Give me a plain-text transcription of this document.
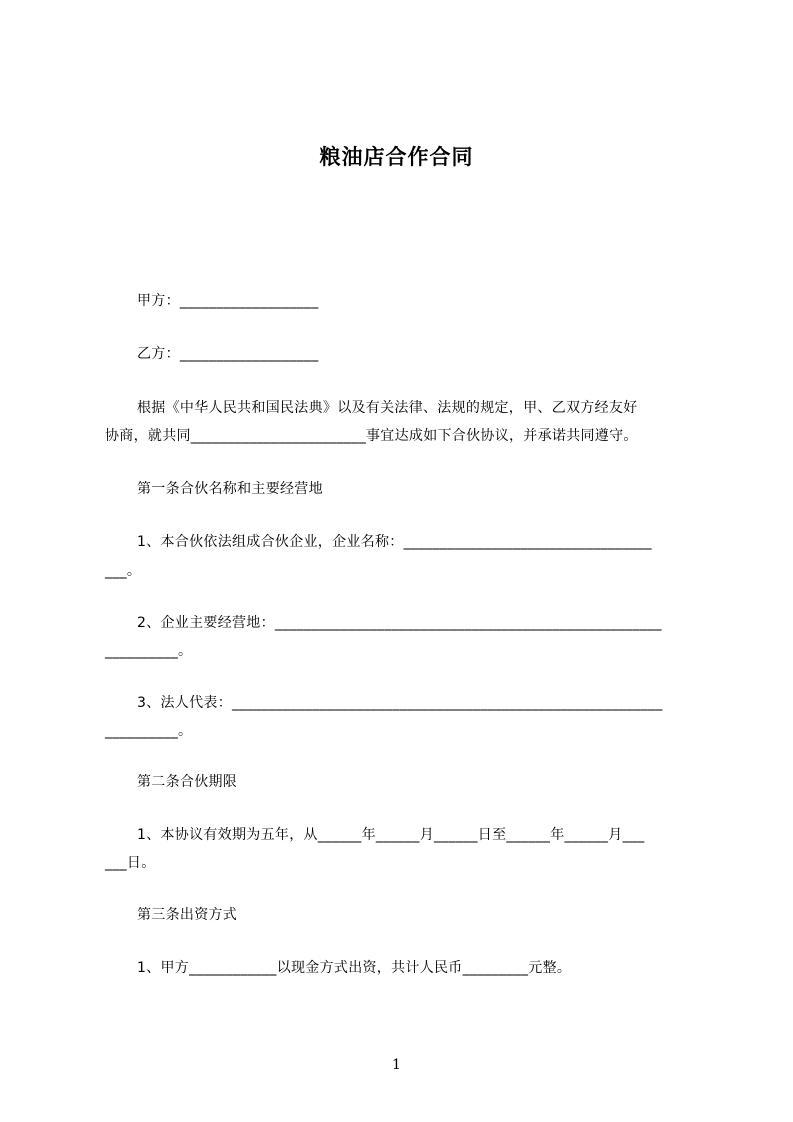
粮油店合作合同
甲方：___________________
乙方：___________________
根据《中华人民共和国民法典》以及有关法律、法规的规定，甲、乙双方经友好
协商，就共同________________________事宜达成如下合伙协议，并承诺共同遵守。
第一条合伙名称和主要经营地
1、本合伙依法组成合伙企业，企业名称：__________________________________
___。
2、企业主要经营地：_____________________________________________________
__________。
3、法人代表：___________________________________________________________
__________。
第二条合伙期限
1、本协议有效期为五年，从______年______月______日至______年______月___
___日。
第三条出资方式
1、甲方____________以现金方式出资，共计人民币_________元整。
1
